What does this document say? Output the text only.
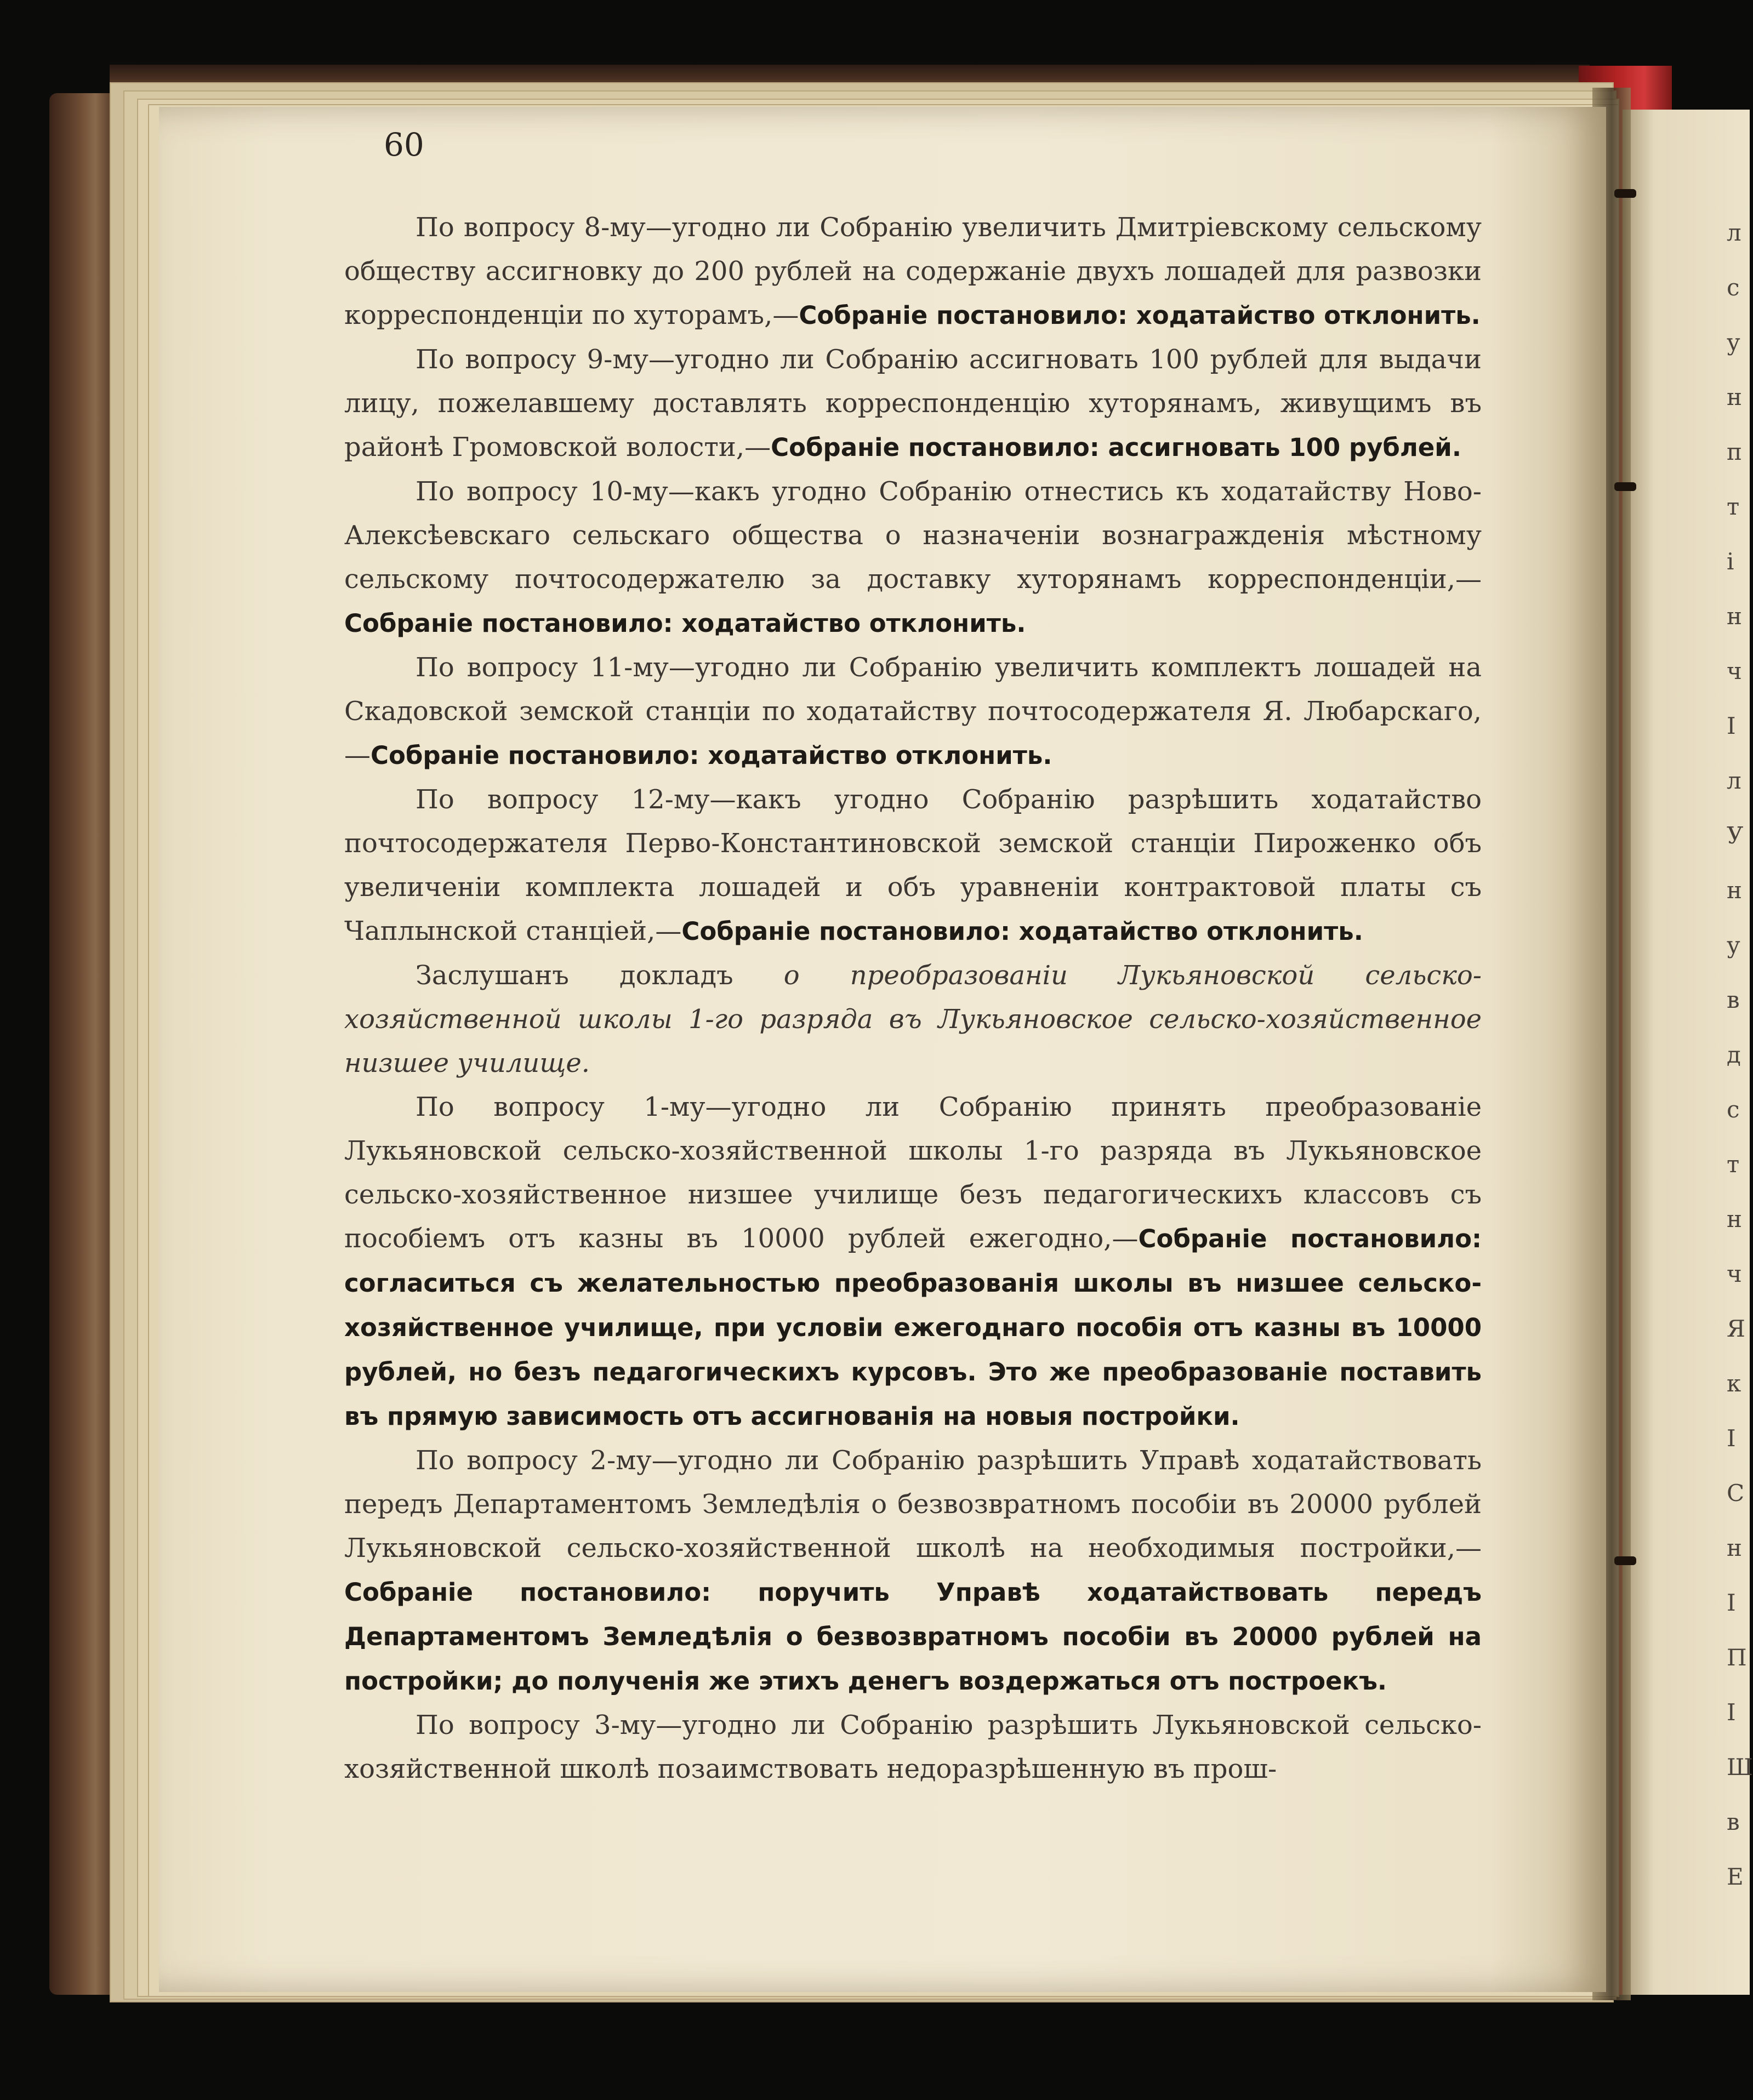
60

По вопросу 8-му—угодно ли Собранію увеличить Дмитріевскому сельскому обществу ассигновку до 200 рублей на содержаніе двухъ лошадей для развозки корреспонденціи по хуторамъ,—Собраніе постановило: ходатайство отклонить.

По вопросу 9-му—угодно ли Собранію ассигновать 100 рублей для выдачи лицу, пожелавшему доставлять корреспонденцію хуторянамъ, живущимъ въ районѣ Громовской волости,—Собраніе постановило: ассигновать 100 рублей.

По вопросу 10-му—какъ угодно Собранію отнестись къ ходатайству Ново-Алексѣевскаго сельскаго общества о назначеніи вознагражденія мѣстному сельскому почтосодержателю за доставку хуторянамъ корреспонденціи,—Собраніе постановило: ходатайство отклонить.

По вопросу 11-му—угодно ли Собранію увеличить комплектъ лошадей на Скадовской земской станціи по ходатайству почтосодержателя Я. Любарскаго,—Собраніе постановило: ходатайство отклонить.

По вопросу 12-му—какъ угодно Собранію разрѣшить ходатайство почтосодержателя Перво-Константиновской земской станціи Пироженко объ увеличеніи комплекта лошадей и объ уравненіи контрактовой платы съ Чаплынской станціей,—Собраніе постановило: ходатайство отклонить.

Заслушанъ докладъ о преобразованіи Лукьяновской сельско-хозяйственной школы 1-го разряда въ Лукьяновское сельско-хозяйственное низшее училище.

По вопросу 1-му—угодно ли Собранію принять преобразованіе Лукьяновской сельско-хозяйственной школы 1-го разряда въ Лукьяновское сельско-хозяйственное низшее училище безъ педагогическихъ классовъ съ пособіемъ отъ казны въ 10000 рублей ежегодно,—Собраніе постановило: согласиться съ желательностью преобразованія школы въ низшее сельско-хозяйственное училище, при условіи ежегоднаго пособія отъ казны въ 10000 рублей, но безъ педагогическихъ курсовъ. Это же преобразованіе поставить въ прямую зависимость отъ ассигнованія на новыя постройки.

По вопросу 2-му—угодно ли Собранію разрѣшить Управѣ ходатайствовать передъ Департаментомъ Земледѣлія о безвозвратномъ пособіи въ 20000 рублей Лукьяновской сельско-хозяйственной школѣ на необходимыя постройки,—Собраніе постановило: поручить Управѣ ходатайствовать передъ Департаментомъ Земледѣлія о безвозвратномъ пособіи въ 20000 рублей на постройки; до полученія же этихъ денегъ воздержаться отъ построекъ.

По вопросу 3-му—угодно ли Собранію разрѣшить Лукьяновской сельско-хозяйственной школѣ позаимствовать недоразрѣшенную въ прош-

л
с
у
н
п
т
і
н
ч
I
л
У
н
у
в
д
с
т
н
ч
Я
к
І
С
н
I
П
I
Ш
в
Е
